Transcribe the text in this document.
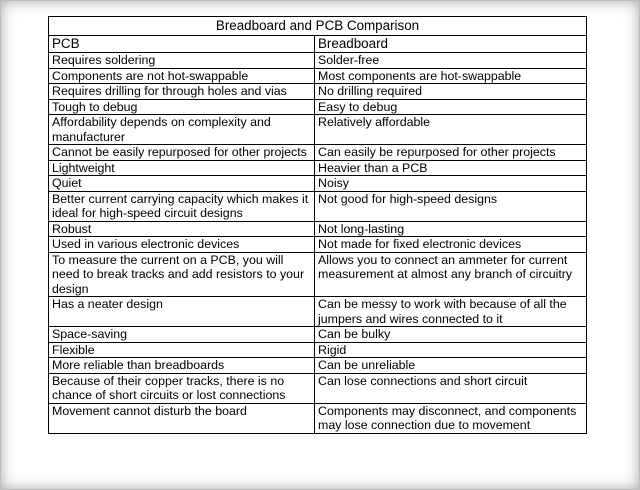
Breadboard and PCB Comparison	
PCB	Breadboard
Requires soldering	Solder-free
Components are not hot-swappable	Most components are hot-swappable
Requires drilling for through holes and vias	No drilling required
Tough to debug	Easy to debug
Affordability depends on complexity and manufacturer	Relatively affordable
Cannot be easily repurposed for other projects	Can easily be repurposed for other projects
Lightweight	Heavier than a PCB
Quiet	Noisy
Better current carrying capacity which makes it ideal for high-speed circuit designs	Not good for high-speed designs
Robust	Not long-lasting
Used in various electronic devices	Not made for fixed electronic devices
To measure the current on a PCB, you will need to break tracks and add resistors to your design	Allows you to connect an ammeter for current measurement at almost any branch of circuitry
Has a neater design	Can be messy to work with because of all the jumpers and wires connected to it
Space-saving	Can be bulky
Flexible	Rigid
More reliable than breadboards	Can be unreliable
Because of their copper tracks, there is no chance of short circuits or lost connections	Can lose connections and short circuit
Movement cannot disturb the board	Components may disconnect, and components may lose connection due to movement
